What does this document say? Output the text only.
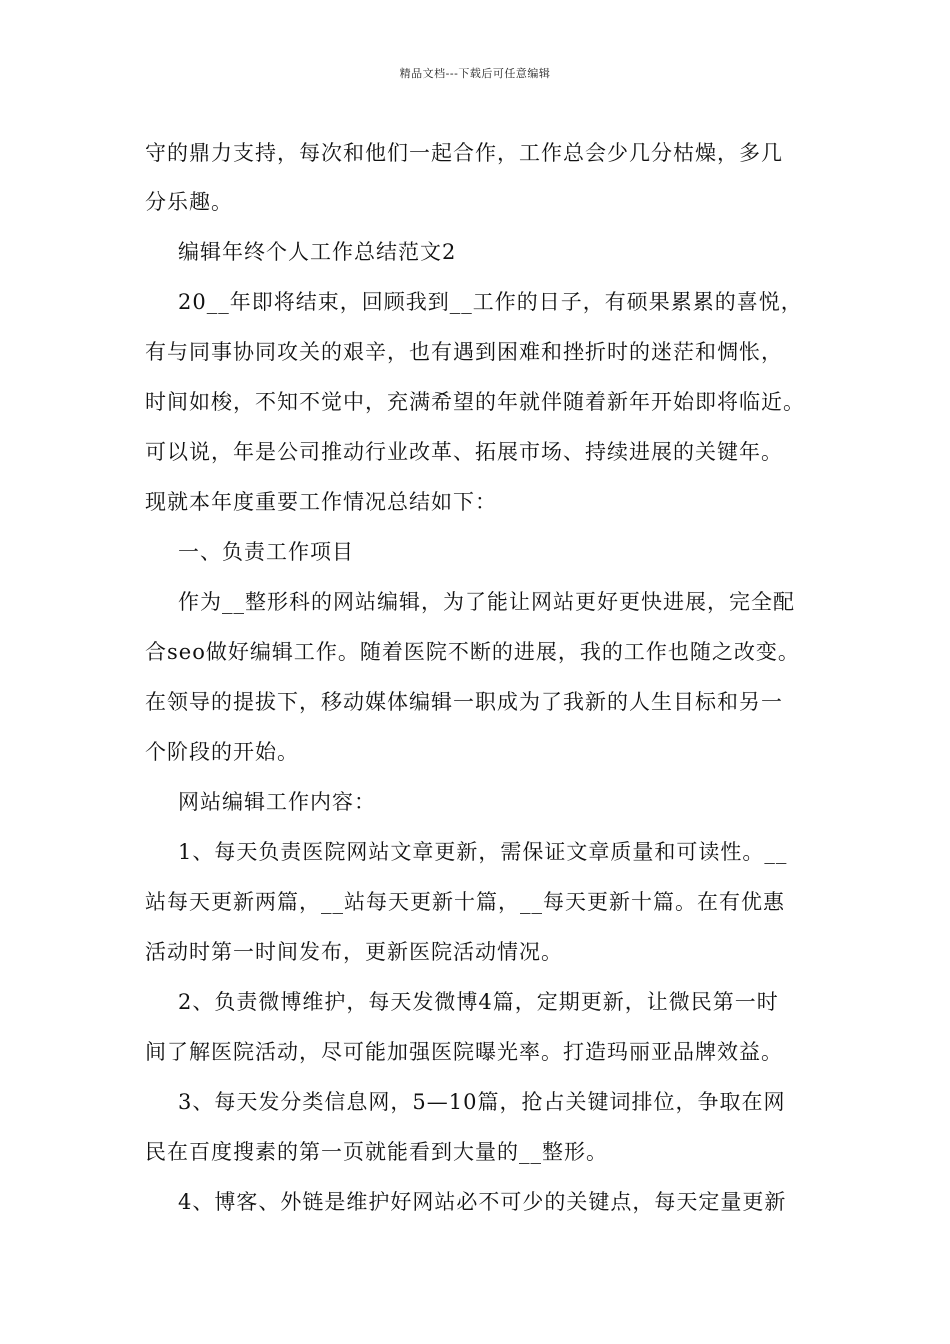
精品文档---下载后可任意编辑
守的鼎力支持，每次和他们一起合作，工作总会少几分枯燥，多几
分乐趣。
编辑年终个人工作总结范文2
20__年即将结束，回顾我到__工作的日子，有硕果累累的喜悦，
有与同事协同攻关的艰辛，也有遇到困难和挫折时的迷茫和惆怅，
时间如梭，不知不觉中，充满希望的年就伴随着新年开始即将临近。
可以说，年是公司推动行业改革、拓展市场、持续进展的关键年。
现就本年度重要工作情况总结如下：
一、负责工作项目
作为__整形科的网站编辑，为了能让网站更好更快进展，完全配
合seo做好编辑工作。随着医院不断的进展，我的工作也随之改变。
在领导的提拔下，移动媒体编辑一职成为了我新的人生目标和另一
个阶段的开始。
网站编辑工作内容：
1、每天负责医院网站文章更新，需保证文章质量和可读性。__
站每天更新两篇，__站每天更新十篇，__每天更新十篇。在有优惠
活动时第一时间发布，更新医院活动情况。
2、负责微博维护，每天发微博4篇，定期更新，让微民第一时
间了解医院活动，尽可能加强医院曝光率。打造玛丽亚品牌效益。
3、每天发分类信息网，5—10篇，抢占关键词排位，争取在网
民在百度搜素的第一页就能看到大量的__整形。
4、博客、外链是维护好网站必不可少的关键点，每天定量更新
